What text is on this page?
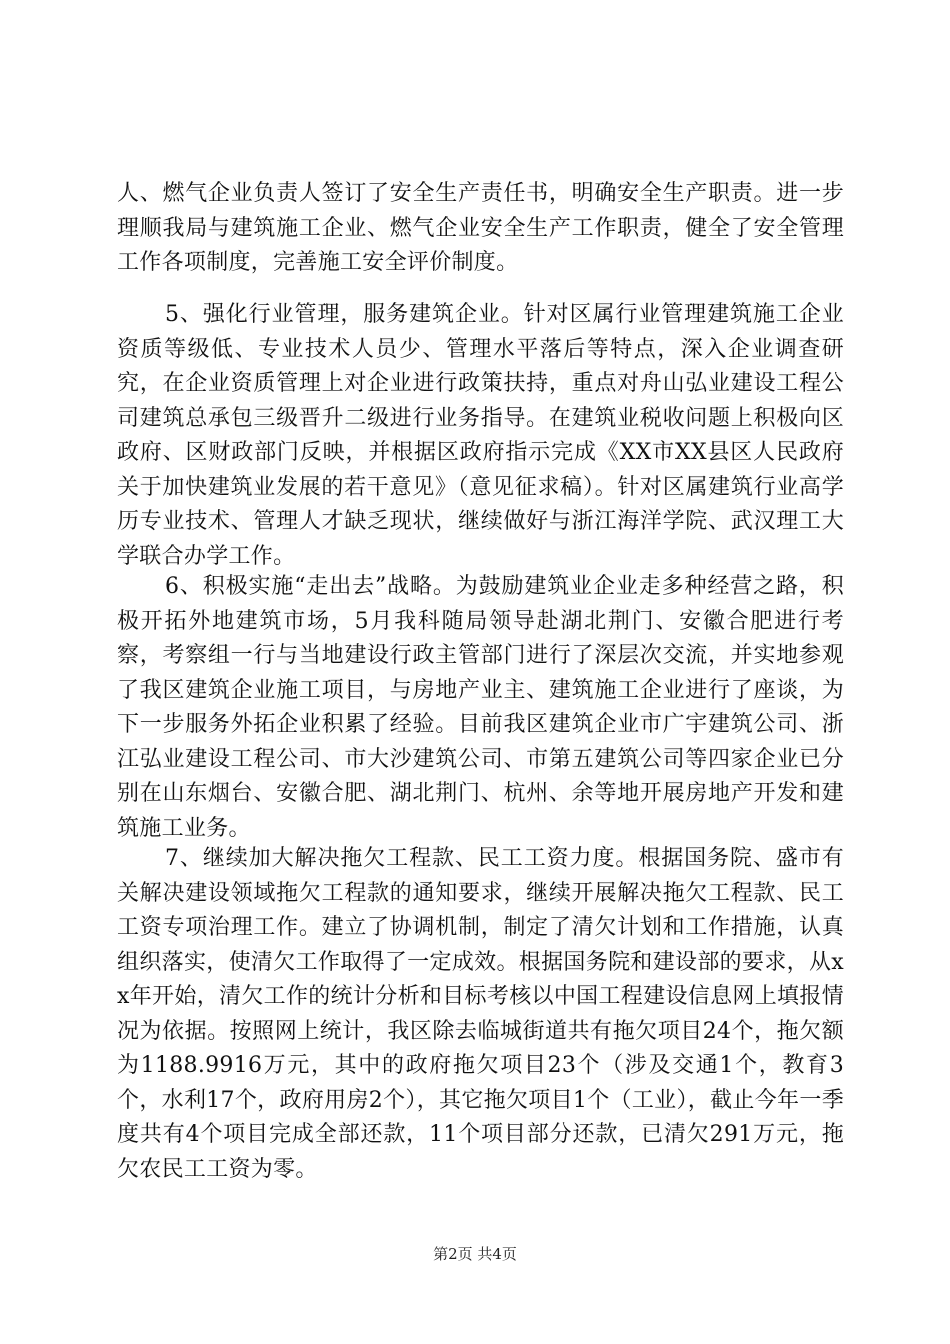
人、燃气企业负责人签订了安全生产责任书，明确安全生产职责。进一步理顺我局与建筑施工企业、燃气企业安全生产工作职责，健全了安全管理工作各项制度，完善施工安全评价制度。

5、强化行业管理，服务建筑企业。针对区属行业管理建筑施工企业资质等级低、专业技术人员少、管理水平落后等特点，深入企业调查研究，在企业资质管理上对企业进行政策扶持，重点对舟山弘业建设工程公司建筑总承包三级晋升二级进行业务指导。在建筑业税收问题上积极向区政府、区财政部门反映，并根据区政府指示完成《XX市XX县区人民政府关于加快建筑业发展的若干意见》（意见征求稿）。针对区属建筑行业高学历专业技术、管理人才缺乏现状，继续做好与浙江海洋学院、武汉理工大学联合办学工作。

6、积极实施“走出去”战略。为鼓励建筑业企业走多种经营之路，积极开拓外地建筑市场，5月我科随局领导赴湖北荆门、安徽合肥进行考察，考察组一行与当地建设行政主管部门进行了深层次交流，并实地参观了我区建筑企业施工项目，与房地产业主、建筑施工企业进行了座谈，为下一步服务外拓企业积累了经验。目前我区建筑企业市广宇建筑公司、浙江弘业建设工程公司、市大沙建筑公司、市第五建筑公司等四家企业已分别在山东烟台、安徽合肥、湖北荆门、杭州、余等地开展房地产开发和建筑施工业务。

7、继续加大解决拖欠工程款、民工工资力度。根据国务院、盛市有关解决建设领域拖欠工程款的通知要求，继续开展解决拖欠工程款、民工工资专项治理工作。建立了协调机制，制定了清欠计划和工作措施，认真组织落实，使清欠工作取得了一定成效。根据国务院和建设部的要求，从xx年开始，清欠工作的统计分析和目标考核以中国工程建设信息网上填报情况为依据。按照网上统计，我区除去临城街道共有拖欠项目24个，拖欠额为1188.9916万元，其中的政府拖欠项目23个（涉及交通1个，教育3个，水利17个，政府用房2个），其它拖欠项目1个（工业），截止今年一季度共有4个项目完成全部还款，11个项目部分还款，已清欠291万元，拖欠农民工工资为零。

第2页 共4页
